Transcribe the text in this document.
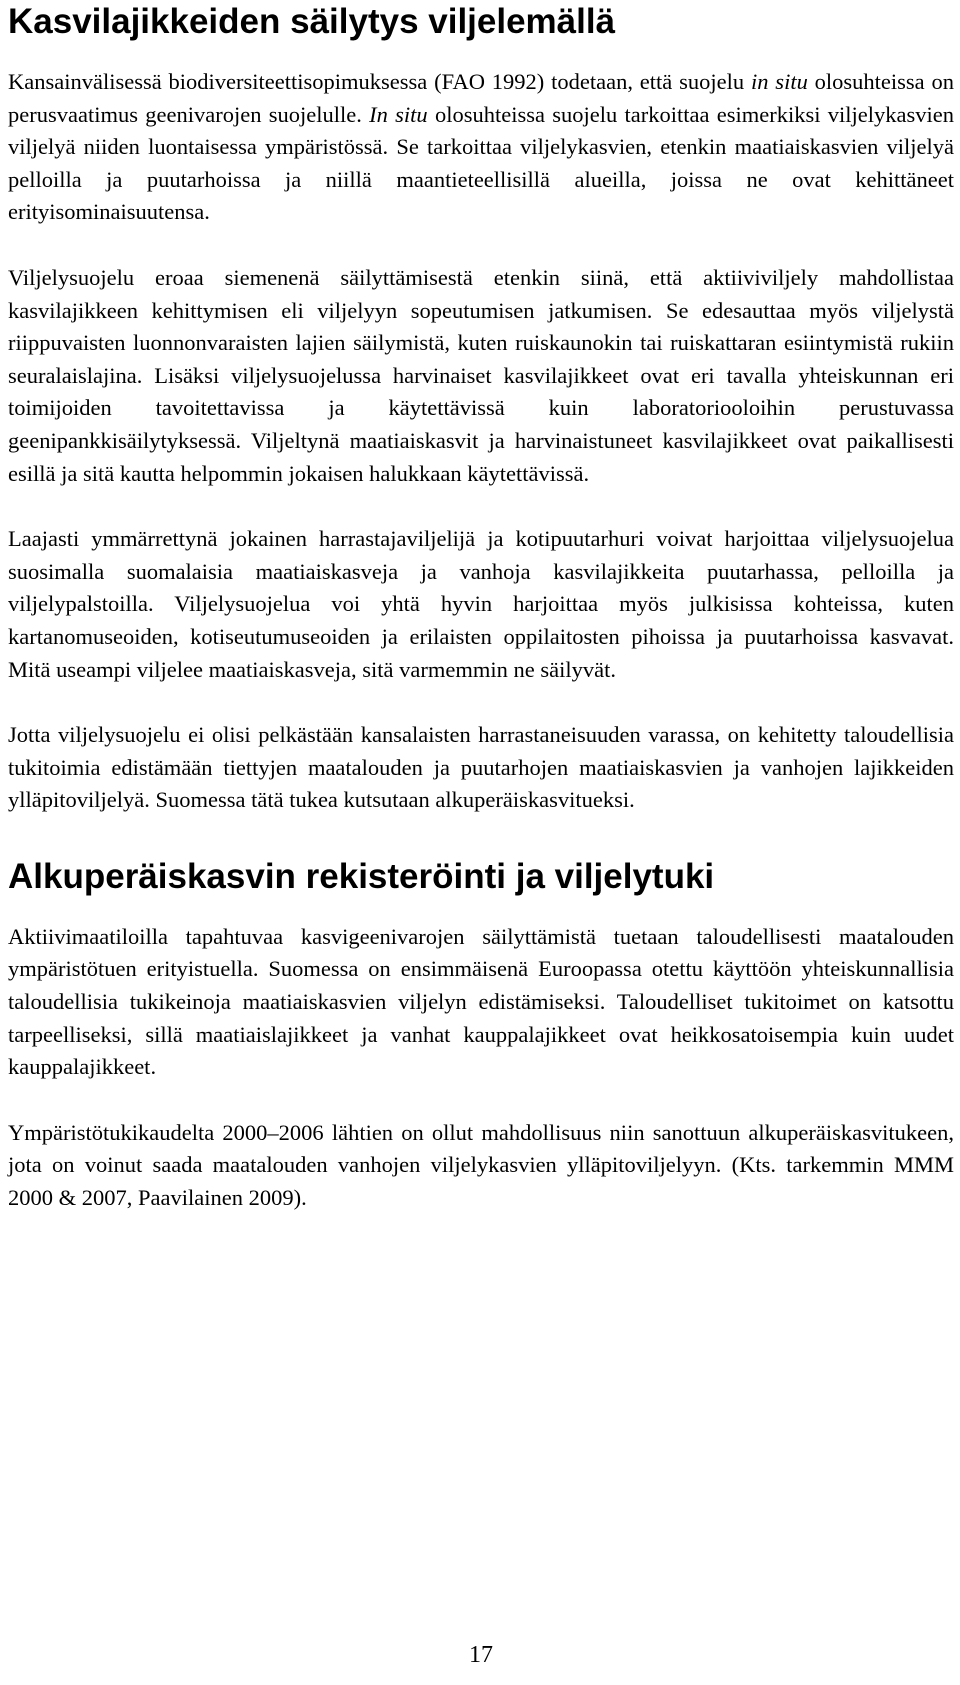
Kasvilajikkeiden säilytys viljelemällä

Kansainvälisessä biodiversiteettisopimuksessa (FAO 1992) todetaan, että suojelu in situ olosuhteissa on perusvaatimus geenivarojen suojelulle. In situ olosuhteissa suojelu tarkoittaa esimerkiksi viljelykasvien viljelyä niiden luontaisessa ympäristössä. Se tarkoittaa viljelykasvien, etenkin maatiaiskasvien viljelyä pelloilla ja puutarhoissa ja niillä maantieteellisillä alueilla, joissa ne ovat kehittäneet erityisominaisuutensa.

Viljelysuojelu eroaa siemenenä säilyttämisestä etenkin siinä, että aktiiviviljely mahdollistaa kasvilajikkeen kehittymisen eli viljelyyn sopeutumisen jatkumisen. Se edesauttaa myös viljelystä riippuvaisten luonnonvaraisten lajien säilymistä, kuten ruiskaunokin tai ruiskattaran esiintymistä rukiin seuralaislajina. Lisäksi viljelysuojelussa harvinaiset kasvilajikkeet ovat eri tavalla yhteiskunnan eri toimijoiden tavoitettavissa ja käytettävissä kuin laboratoriooloihin perustuvassa geenipankkisäilytyksessä. Viljeltynä maatiaiskasvit ja harvinaistuneet kasvilajikkeet ovat paikallisesti esillä ja sitä kautta helpommin jokaisen halukkaan käytettävissä.

Laajasti ymmärrettynä jokainen harrastajaviljelijä ja kotipuutarhuri voivat harjoittaa viljelysuojelua suosimalla suomalaisia maatiaiskasveja ja vanhoja kasvilajikkeita puutarhassa, pelloilla ja viljelypalstoilla. Viljelysuojelua voi yhtä hyvin harjoittaa myös julkisissa kohteissa, kuten kartanomuseoiden, kotiseutumuseoiden ja erilaisten oppilaitosten pihoissa ja puutarhoissa kasvavat. Mitä useampi viljelee maatiaiskasveja, sitä varmemmin ne säilyvät.

Jotta viljelysuojelu ei olisi pelkästään kansalaisten harrastaneisuuden varassa, on kehitetty taloudellisia tukitoimia edistämään tiettyjen maatalouden ja puutarhojen maatiaiskasvien ja vanhojen lajikkeiden ylläpitoviljelyä. Suomessa tätä tukea kutsutaan alkuperäiskasvitueksi.

Alkuperäiskasvin rekisteröinti ja viljelytuki

Aktiivimaatiloilla tapahtuvaa kasvigeenivarojen säilyttämistä tuetaan taloudellisesti maatalouden ympäristötuen erityistuella. Suomessa on ensimmäisenä Euroopassa otettu käyttöön yhteiskunnallisia taloudellisia tukikeinoja maatiaiskasvien viljelyn edistämiseksi. Taloudelliset tukitoimet on katsottu tarpeelliseksi, sillä maatiaislajikkeet ja vanhat kauppalajikkeet ovat heikkosatoisempia kuin uudet kauppalajikkeet.

Ympäristötukikaudelta 2000–2006 lähtien on ollut mahdollisuus niin sanottuun alkuperäiskasvitukeen, jota on voinut saada maatalouden vanhojen viljelykasvien ylläpitoviljelyyn. (Kts. tarkemmin MMM 2000 & 2007, Paavilainen 2009).

17
